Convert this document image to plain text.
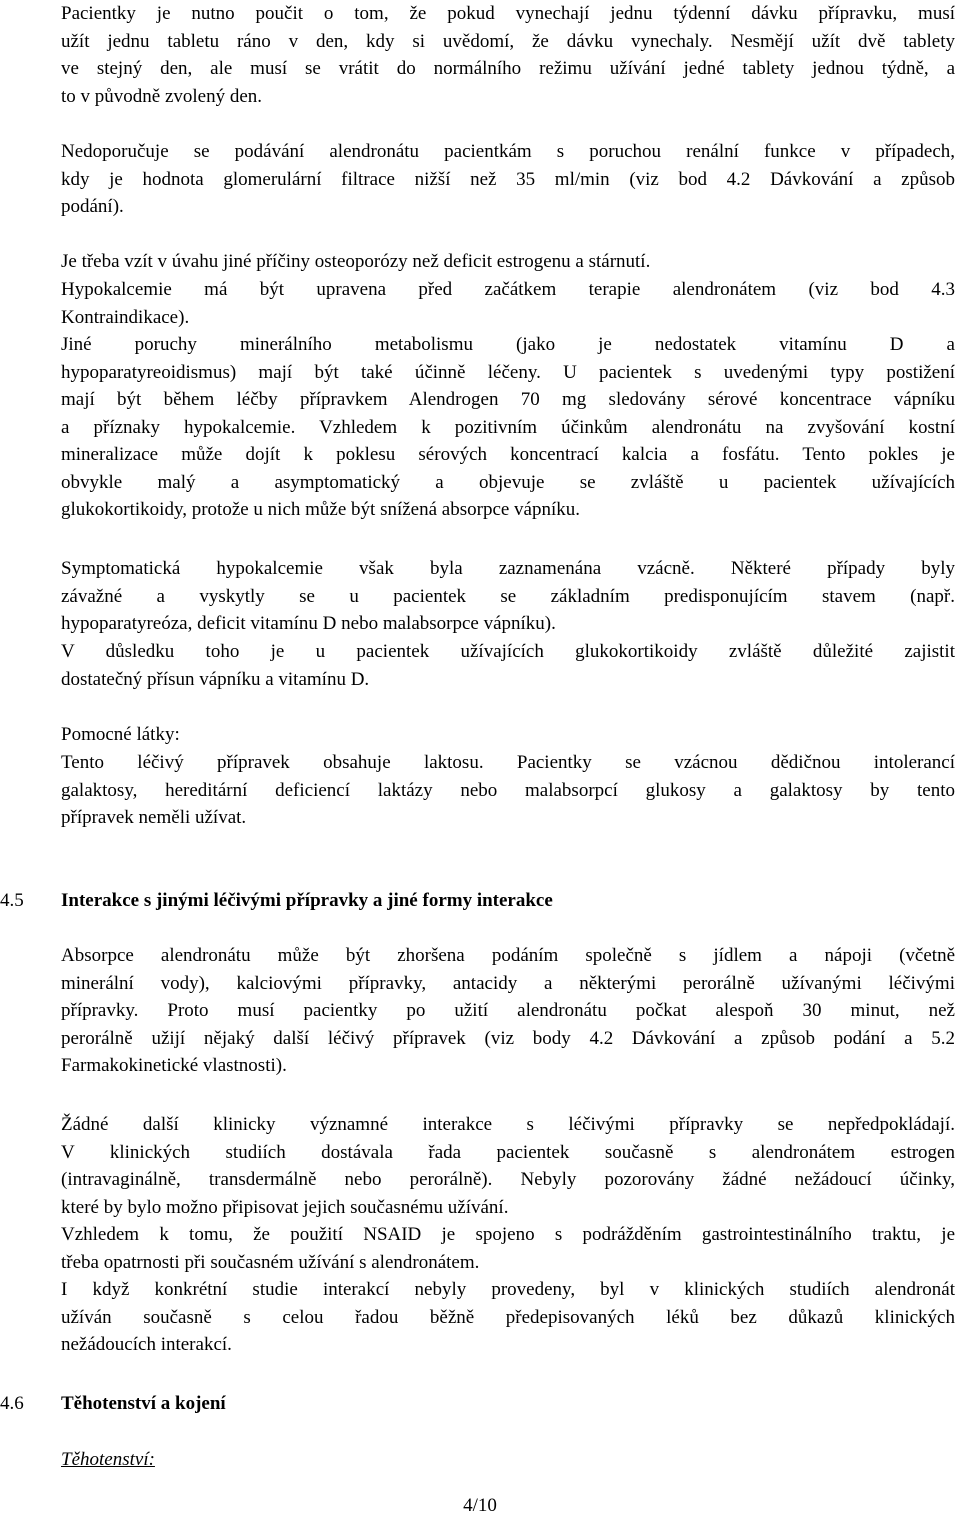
Pacientky je nutno poučit o tom, že pokud vynechají jednu týdenní dávku přípravku, musí
užít jednu tabletu ráno v den, kdy si uvědomí, že dávku vynechaly. Nesmějí užít dvě tablety
ve stejný den, ale musí se vrátit do normálního režimu užívání jedné tablety jednou týdně, a
to v původně zvolený den.
Nedoporučuje se podávání alendronátu pacientkám s poruchou renální funkce v případech,
kdy je hodnota glomerulární filtrace nižší než 35 ml/min (viz bod 4.2 Dávkování a způsob
podání).
Je třeba vzít v úvahu jiné příčiny osteoporózy než deficit estrogenu a stárnutí.
Hypokalcemie má být upravena před začátkem terapie alendronátem (viz bod 4.3
Kontraindikace).
Jiné poruchy minerálního metabolismu (jako je nedostatek vitamínu D a
hypoparatyreoidismus) mají být také účinně léčeny. U pacientek s uvedenými typy postižení
mají být během léčby přípravkem Alendrogen 70 mg sledovány sérové koncentrace vápníku
a příznaky hypokalcemie. Vzhledem k pozitivním účinkům alendronátu na zvyšování kostní
mineralizace může dojít k poklesu sérových koncentrací kalcia a fosfátu. Tento pokles je
obvykle malý a asymptomatický a objevuje se zvláště u pacientek užívajících
glukokortikoidy, protože u nich může být snížená absorpce vápníku.
Symptomatická hypokalcemie však byla zaznamenána vzácně. Některé případy byly
závažné a vyskytly se u pacientek se základním predisponujícím stavem (např.
hypoparatyreóza, deficit vitamínu D nebo malabsorpce vápníku).
V důsledku toho je u pacientek užívajících glukokortikoidy zvláště důležité zajistit
dostatečný přísun vápníku a vitamínu D.
Pomocné látky:
Tento léčivý přípravek obsahuje laktosu. Pacientky se vzácnou dědičnou intolerancí
galaktosy, hereditární deficiencí laktázy nebo malabsorpcí glukosy a galaktosy by tento
přípravek neměli užívat.
4.5 Interakce s jinými léčivými přípravky a jiné formy interakce
Absorpce alendronátu může být zhoršena podáním společně s jídlem a nápoji (včetně
minerální vody), kalciovými přípravky, antacidy a některými perorálně užívanými léčivými
přípravky. Proto musí pacientky po užití alendronátu počkat alespoň 30 minut, než
perorálně užijí nějaký další léčivý přípravek (viz body 4.2 Dávkování a způsob podání a 5.2
Farmakokinetické vlastnosti).
Žádné další klinicky významné interakce s léčivými přípravky se nepředpokládají.
V klinických studiích dostávala řada pacientek současně s alendronátem estrogen
(intravaginálně, transdermálně nebo perorálně). Nebyly pozorovány žádné nežádoucí účinky,
které by bylo možno připisovat jejich současnému užívání.
Vzhledem k tomu, že použití NSAID je spojeno s podrážděním gastrointestinálního traktu, je
třeba opatrnosti při současném užívání s alendronátem.
I když konkrétní studie interakcí nebyly provedeny, byl v klinických studiích alendronát
užíván současně s celou řadou běžně předepisovaných léků bez důkazů klinických
nežádoucích interakcí.
4.6 Těhotenství a kojení
Těhotenství:
4/10
